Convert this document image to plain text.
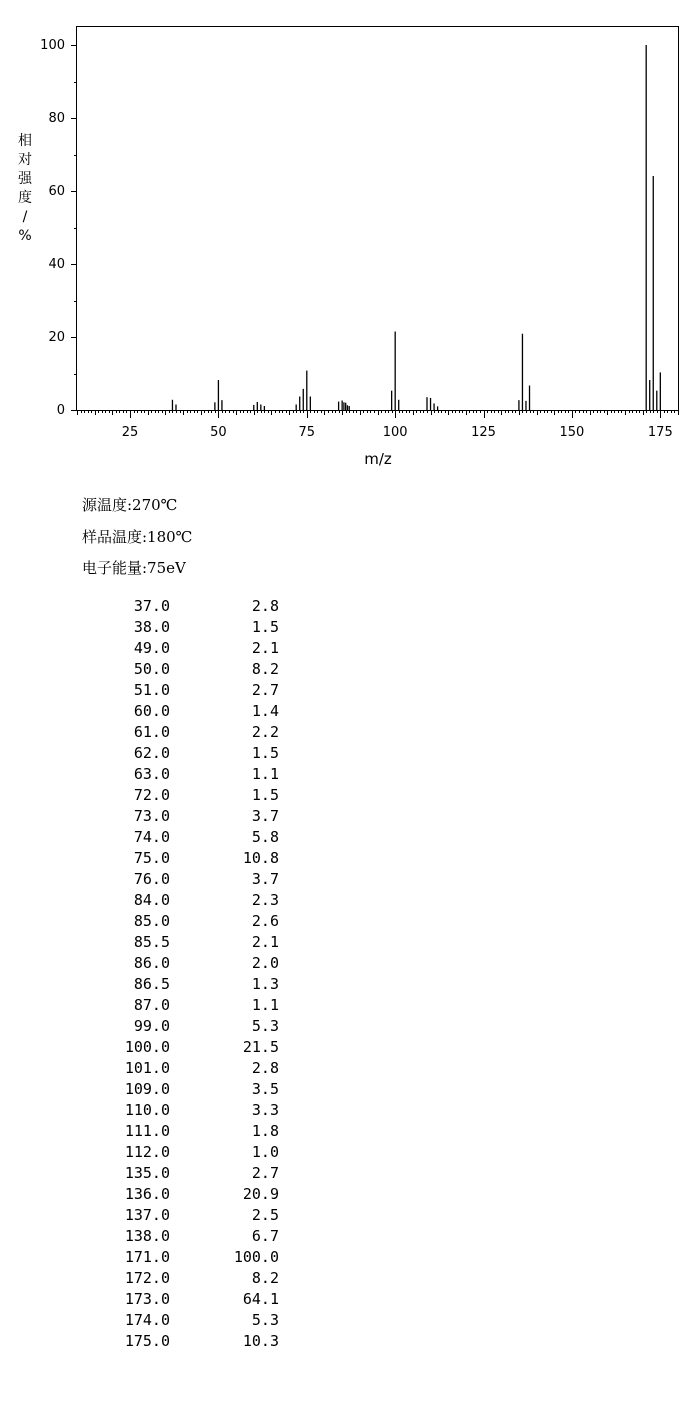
0
20
40
60
80
100
25	50	75	100	125	150	175
相
对
强
度
/
%
m/z
源温度:270℃
样品温度:180℃
电子能量:75eV
37.0	2.8
38.0	1.5
49.0	2.1
50.0	8.2
51.0	2.7
60.0	1.4
61.0	2.2
62.0	1.5
63.0	1.1
72.0	1.5
73.0	3.7
74.0	5.8
75.0	10.8
76.0	3.7
84.0	2.3
85.0	2.6
85.5	2.1
86.0	2.0
86.5	1.3
87.0	1.1
99.0	5.3
100.0	21.5
101.0	2.8
109.0	3.5
110.0	3.3
111.0	1.8
112.0	1.0
135.0	2.7
136.0	20.9
137.0	2.5
138.0	6.7
171.0	100.0
172.0	8.2
173.0	64.1
174.0	5.3
175.0	10.3
